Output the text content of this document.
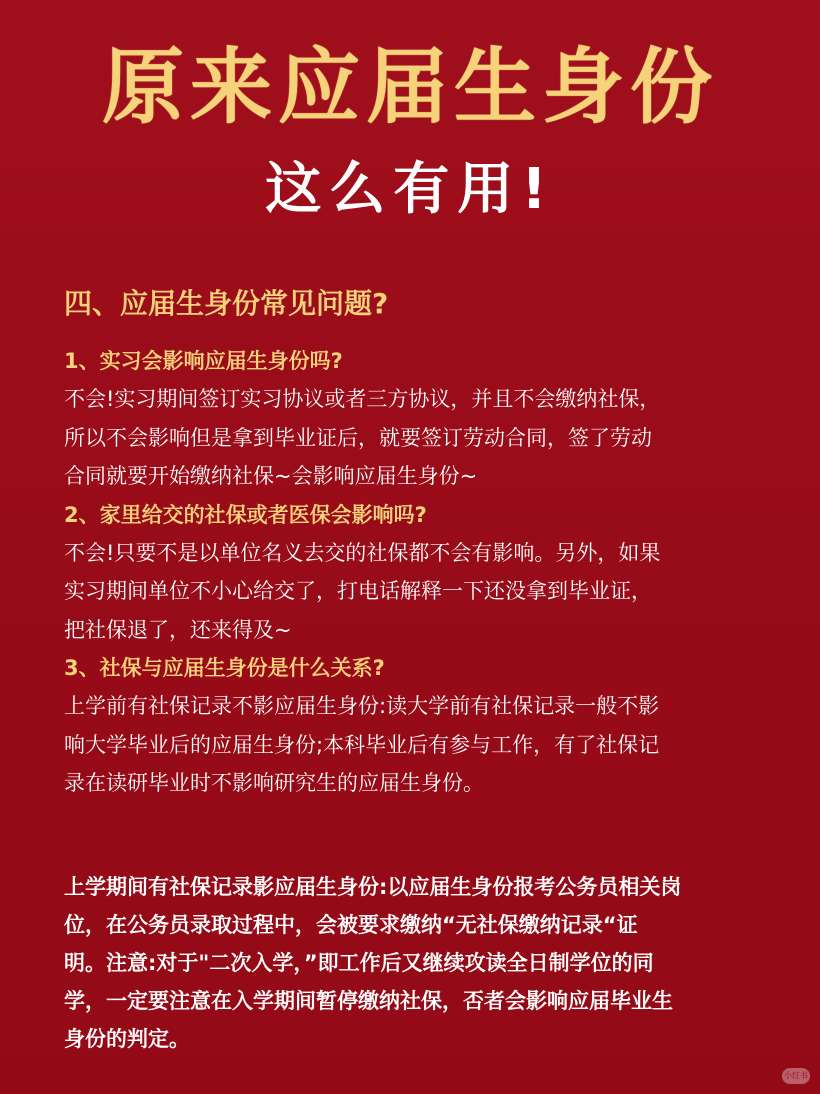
原来应届生身份
这么有用!
四、应届生身份常见问题?
1、实习会影响应届生身份吗?
不会!实习期间签订实习协议或者三方协议，并且不会缴纳社保，
所以不会影响但是拿到毕业证后，就要签订劳动合同，签了劳动
合同就要开始缴纳社保~会影响应届生身份~
2、家里给交的社保或者医保会影响吗?
不会!只要不是以单位名义去交的社保都不会有影响。另外，如果
实习期间单位不小心给交了，打电话解释一下还没拿到毕业证，
把社保退了，还来得及~
3、社保与应届生身份是什么关系?
上学前有社保记录不影应届生身份:读大学前有社保记录一般不影
响大学毕业后的应届生身份;本科毕业后有参与工作，有了社保记
录在读研毕业时不影响研究生的应届生身份。
上学期间有社保记录影应届生身份:以应届生身份报考公务员相关岗
位，在公务员录取过程中，会被要求缴纳“无社保缴纳记录“证
明。注意:对于"二次入学，”即工作后又继续攻读全日制学位的同
学，一定要注意在入学期间暂停缴纳社保，否者会影响应届毕业生
身份的判定。
小红书
